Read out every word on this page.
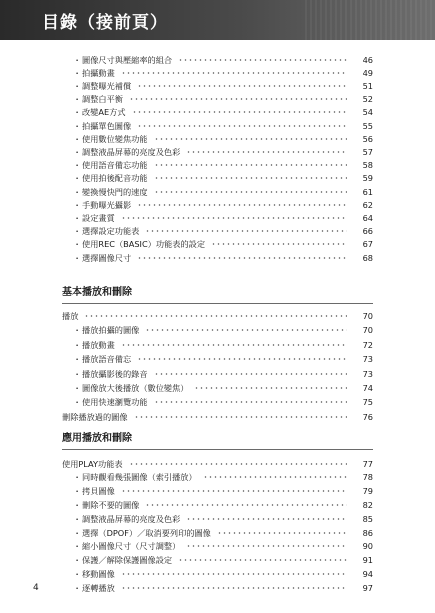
目錄（接前頁）
・圖像尺寸與壓縮率的組合	46
・拍攝動畫	49
・調整曝光補償	51
・調整白平衡	52
・改變AE方式	54
・拍攝單色圖像	55
・使用數位變焦功能	56
・調整液晶屏幕的亮度及色彩	57
・使用語音備忘功能	58
・使用拍後配音功能	59
・變換慢快門的速度	61
・手動曝光攝影	62
・設定畫質	64
・選擇設定功能表	66
・使用REC（BASIC）功能表的設定	67
・選擇圖像尺寸	68
基本播放和刪除
播放	70
・播放拍攝的圖像	70
・播放動畫	72
・播放語音備忘	73
・播放攝影後的錄音	73
・圖像放大後播放（數位變焦）	74
・使用快速瀏覽功能	75
刪除播放過的圖像	76
應用播放和刪除
使用PLAY功能表	77
・同時觀看幾張圖像（索引播放）	78
・拷貝圖像	79
・刪除不要的圖像	82
・調整液晶屏幕的亮度及色彩	85
・選擇（DPOF）／取消要列印的圖像	86
・縮小圖像尺寸（尺寸調整）	90
・保護／解除保護圖像設定	91
・移動圖像	94
・逐轉播放	97
4
